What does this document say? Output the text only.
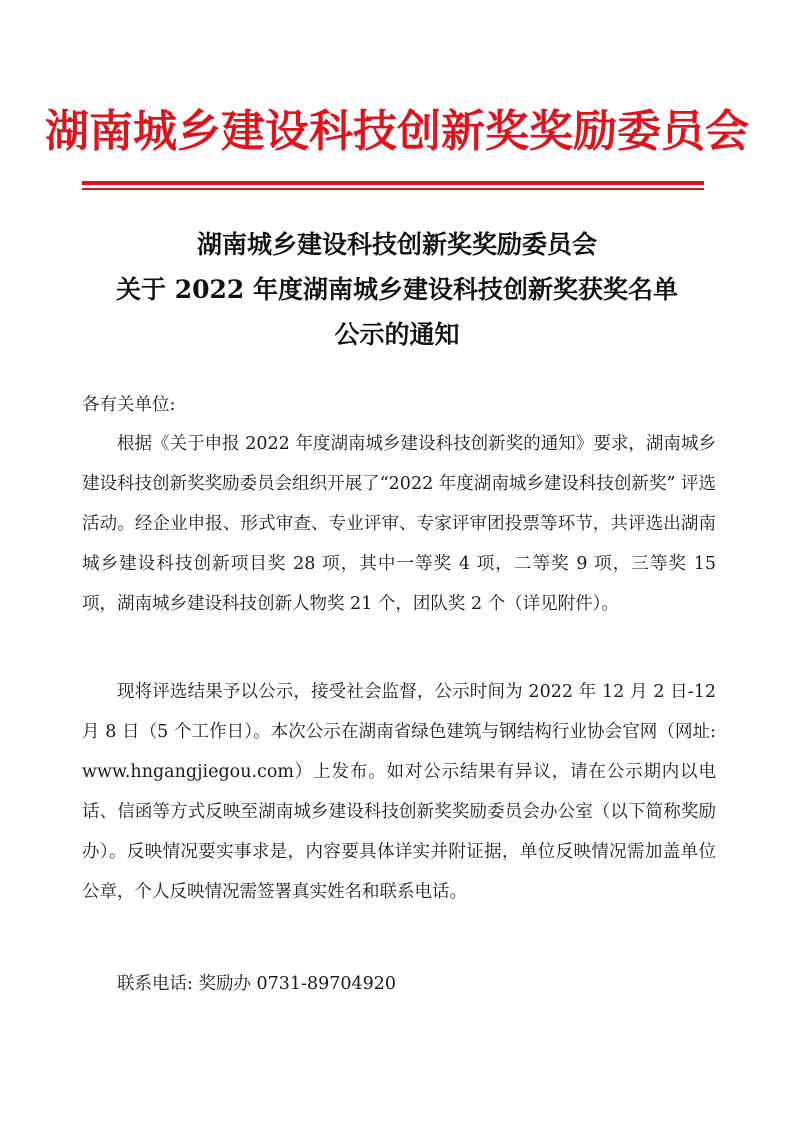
湖南城乡建设科技创新奖奖励委员会
湖南城乡建设科技创新奖奖励委员会
关于 2022 年度湖南城乡建设科技创新奖获奖名单
公示的通知
各有关单位:

根据《关于申报 2022 年度湖南城乡建设科技创新奖的通知》要求，湖南城乡建设科技创新奖奖励委员会组织开展了“2022 年度湖南城乡建设科技创新奖” 评选活动。经企业申报、形式审查、专业评审、专家评审团投票等环节，共评选出湖南城乡建设科技创新项目奖 28 项，其中一等奖 4 项，二等奖 9 项，三等奖 15 项，湖南城乡建设科技创新人物奖 21 个，团队奖 2 个（详见附件）。

现将评选结果予以公示，接受社会监督，公示时间为 2022 年 12 月 2 日-12 月 8 日（5 个工作日）。本次公示在湖南省绿色建筑与钢结构行业协会官网（网址: www.hngangjiegou.com）上发布。如对公示结果有异议，请在公示期内以电话、信函等方式反映至湖南城乡建设科技创新奖奖励委员会办公室（以下简称奖励办）。反映情况要实事求是，内容要具体详实并附证据，单位反映情况需加盖单位公章，个人反映情况需签署真实姓名和联系电话。

联系电话: 奖励办 0731-89704920
